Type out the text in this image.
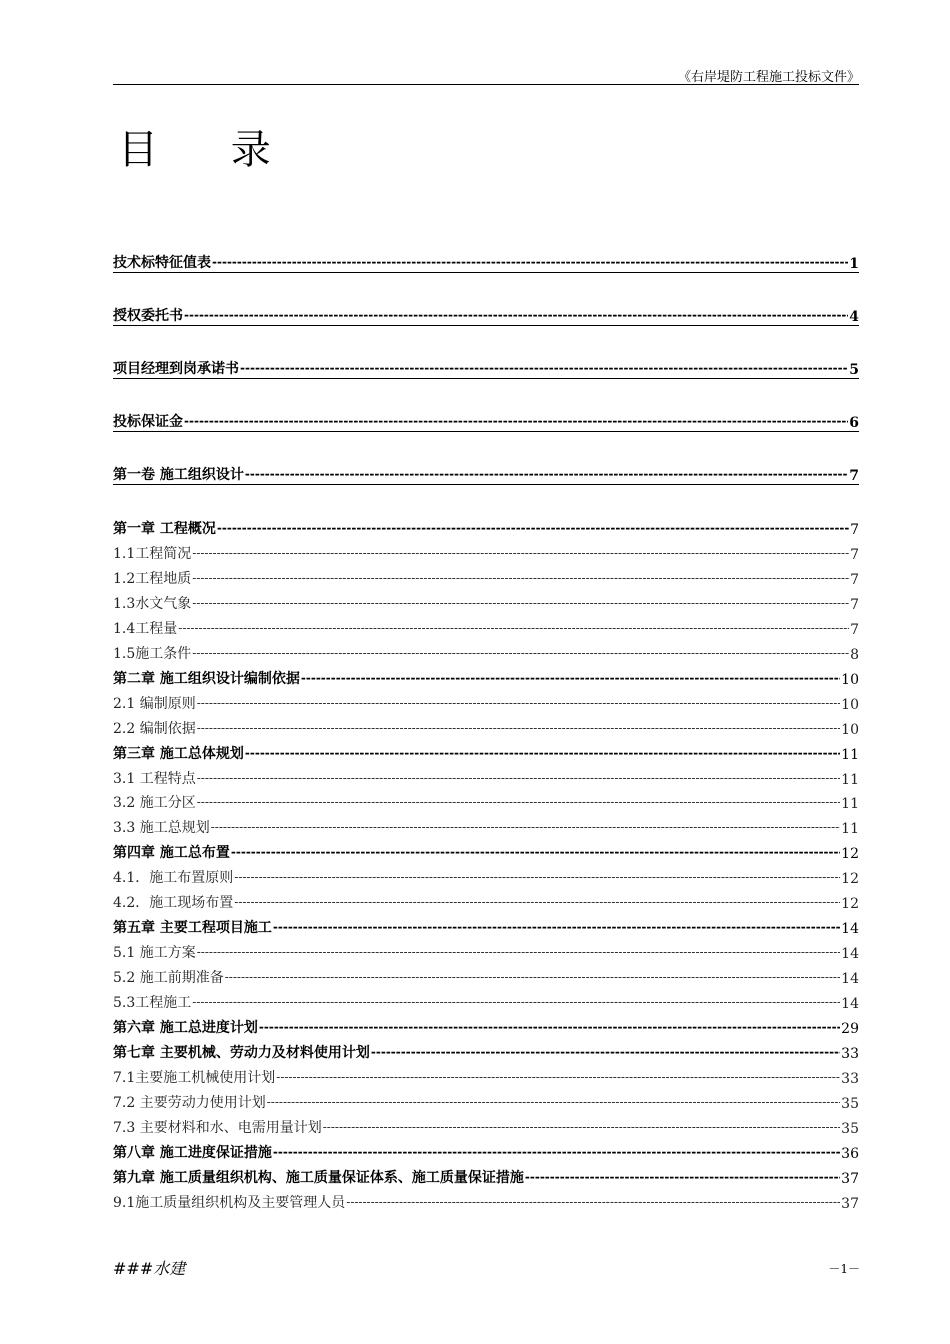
《右岸堤防工程施工投标文件》
目 录
技术标特征值表 -----	1
授权委托书 -----	4
项目经理到岗承诺书 -----	5
投标保证金 -----	6
第一卷 施工组织设计 -----	7
第一章 工程概况 -----	7
1.1工程简况 -----	7
1.2工程地质 -----	7
1.3水文气象 -----	7
1.4工程量 -----	7
1.5施工条件 -----	8
第二章 施工组织设计编制依据 -----	10
2.1 编制原则 -----	10
2.2 编制依据 -----	10
第三章 施工总体规划 -----	11
3.1 工程特点 -----	11
3.2 施工分区 -----	11
3.3 施工总规划 -----	11
第四章 施工总布置 -----	12
4.1．施工布置原则 -----	12
4.2．施工现场布置 -----	12
第五章 主要工程项目施工 -----	14
5.1 施工方案 -----	14
5.2 施工前期准备 -----	14
5.3工程施工 -----	14
第六章 施工总进度计划 -----	29
第七章 主要机械、劳动力及材料使用计划 -----	33
7.1主要施工机械使用计划 -----	33
7.2 主要劳动力使用计划 -----	35
7.3 主要材料和水、电需用量计划 -----	35
第八章 施工进度保证措施 -----	36
第九章 施工质量组织机构、施工质量保证体系、施工质量保证措施 -----	37
9.1施工质量组织机构及主要管理人员 -----	37
###水建	－1－
